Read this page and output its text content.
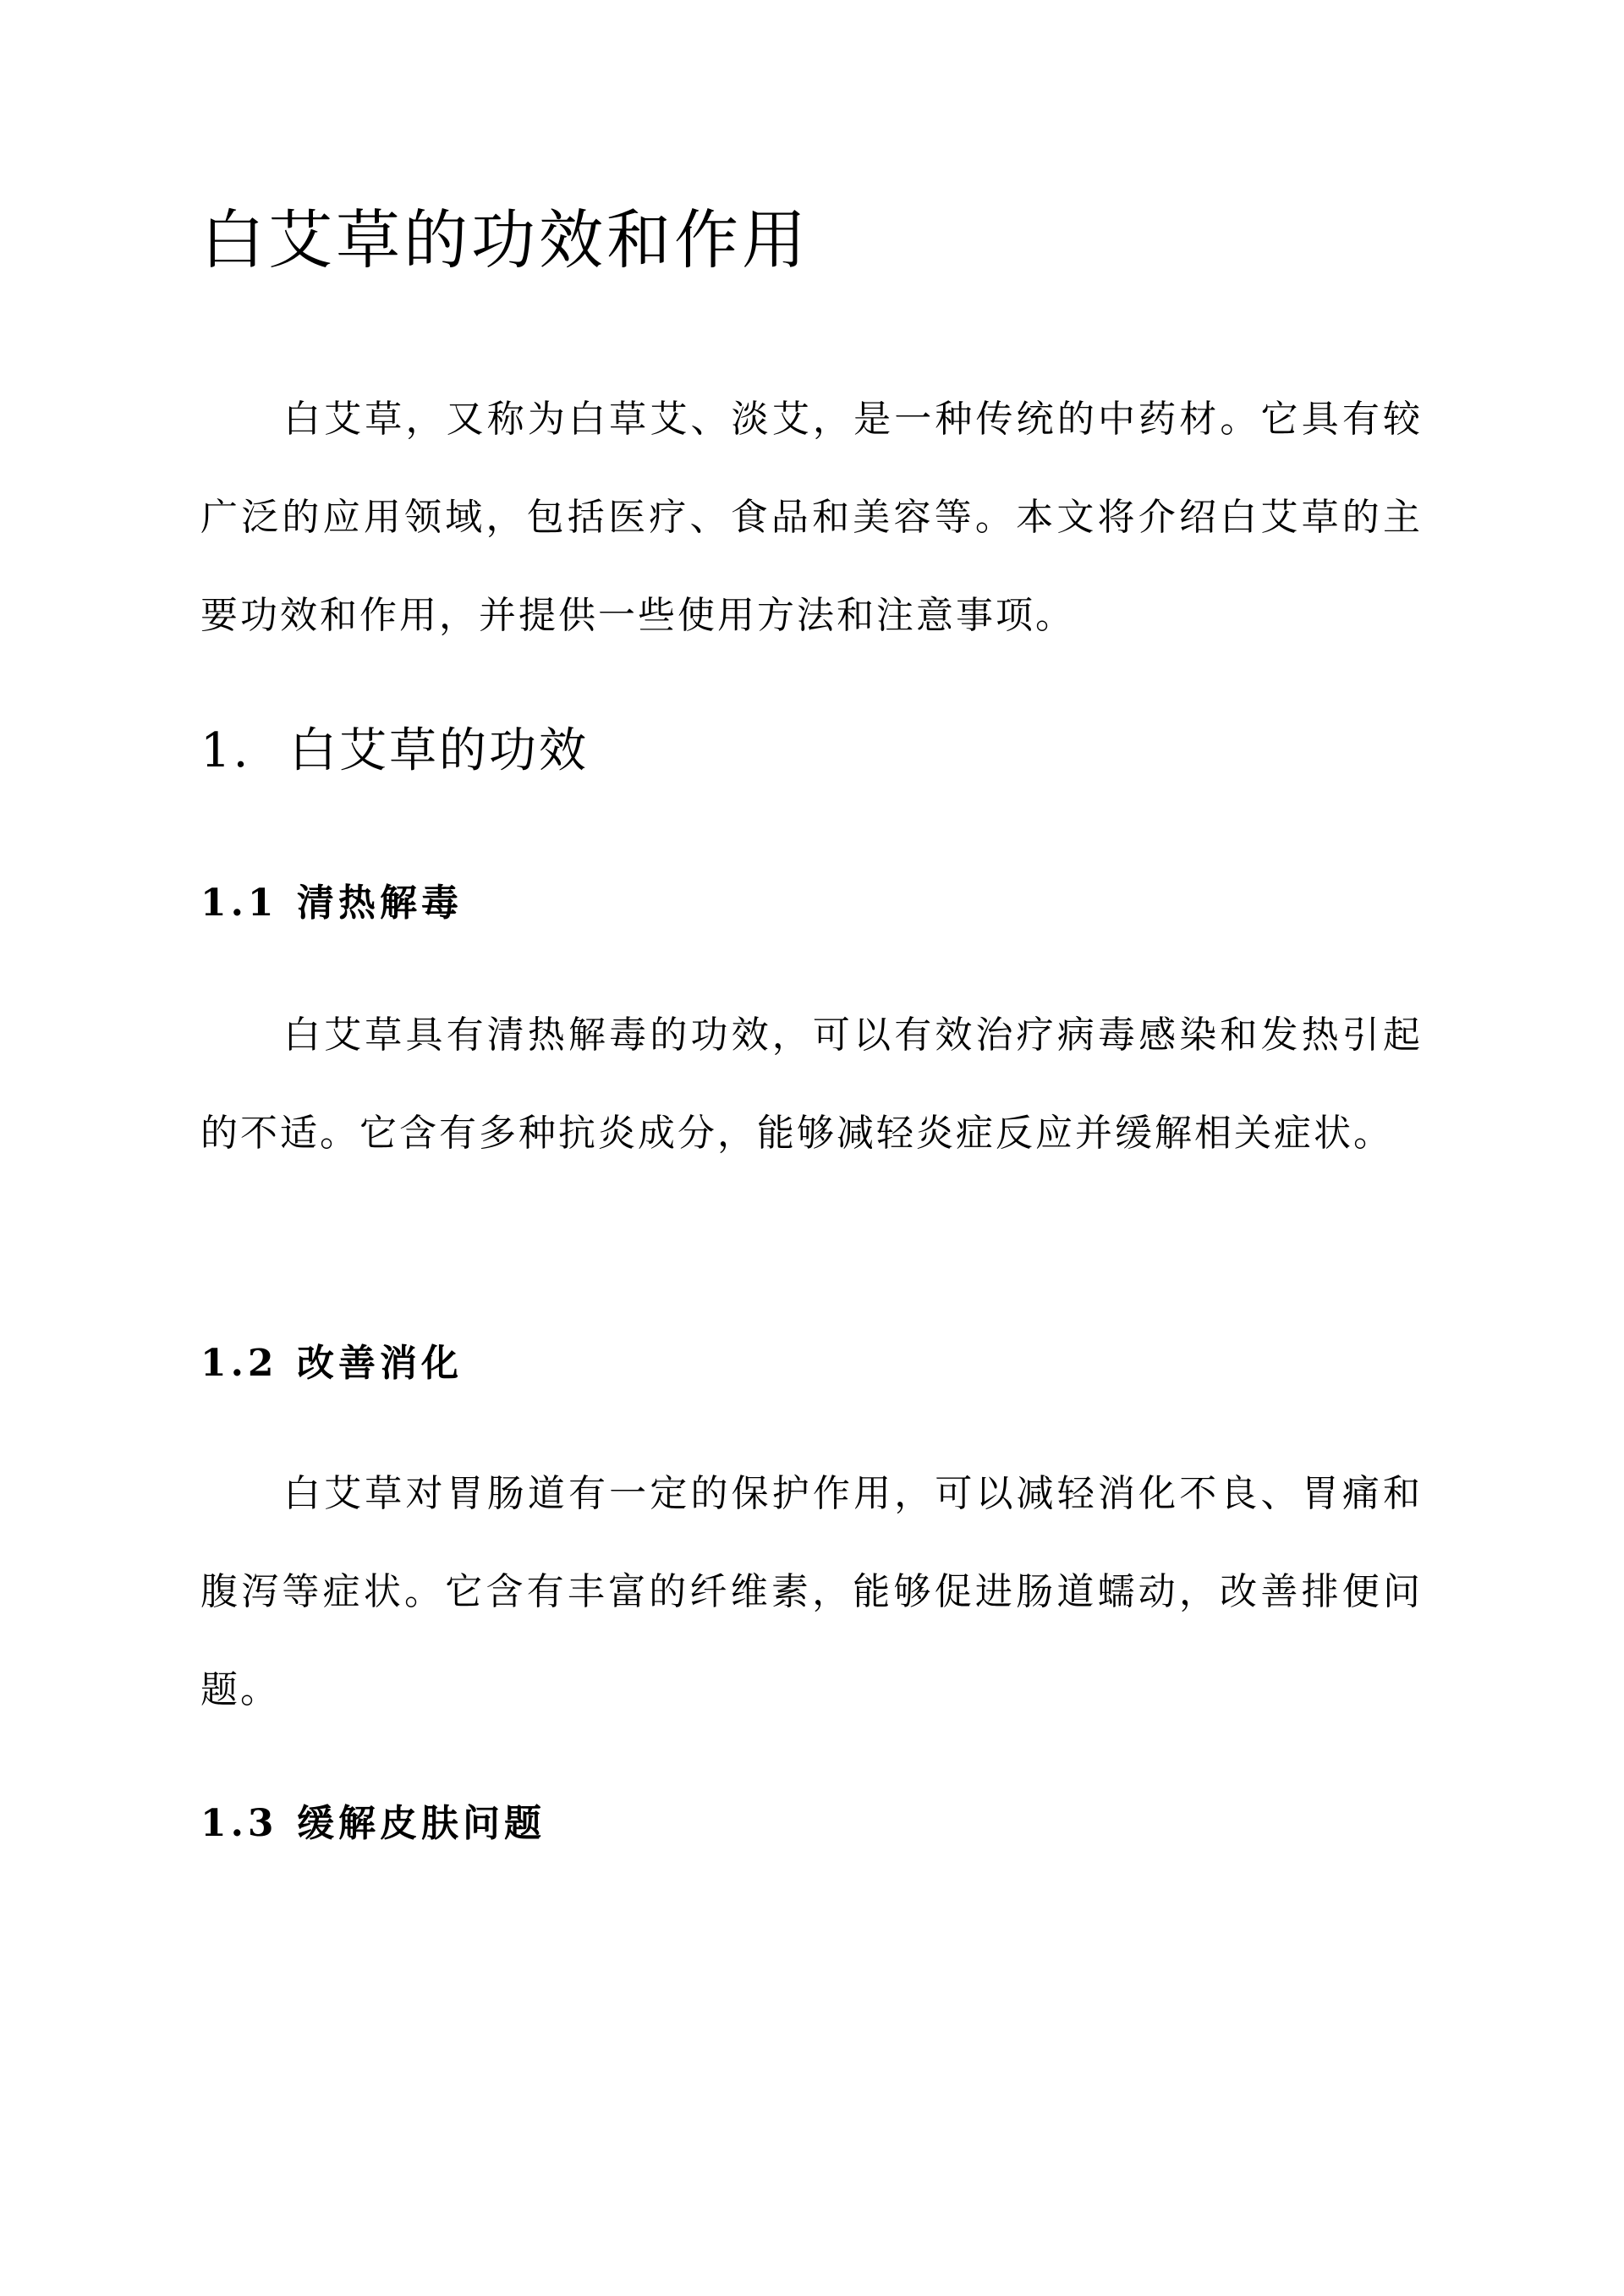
白艾草的功效和作用

白艾草，又称为白草艾、淡艾，是一种传统的中药材。它具有较广泛的应用领域，包括医疗、食品和美容等。本文将介绍白艾草的主要功效和作用，并提供一些使用方法和注意事项。

1. 白艾草的功效
1.1 清热解毒

白艾草具有清热解毒的功效，可以有效治疗病毒感染和发热引起的不适。它含有多种抗炎成分，能够减轻炎症反应并缓解相关症状。

1.2 改善消化

白艾草对胃肠道有一定的保护作用，可以减轻消化不良、胃痛和腹泻等症状。它含有丰富的纤维素，能够促进肠道蠕动，改善排便问题。

1.3 缓解皮肤问题
